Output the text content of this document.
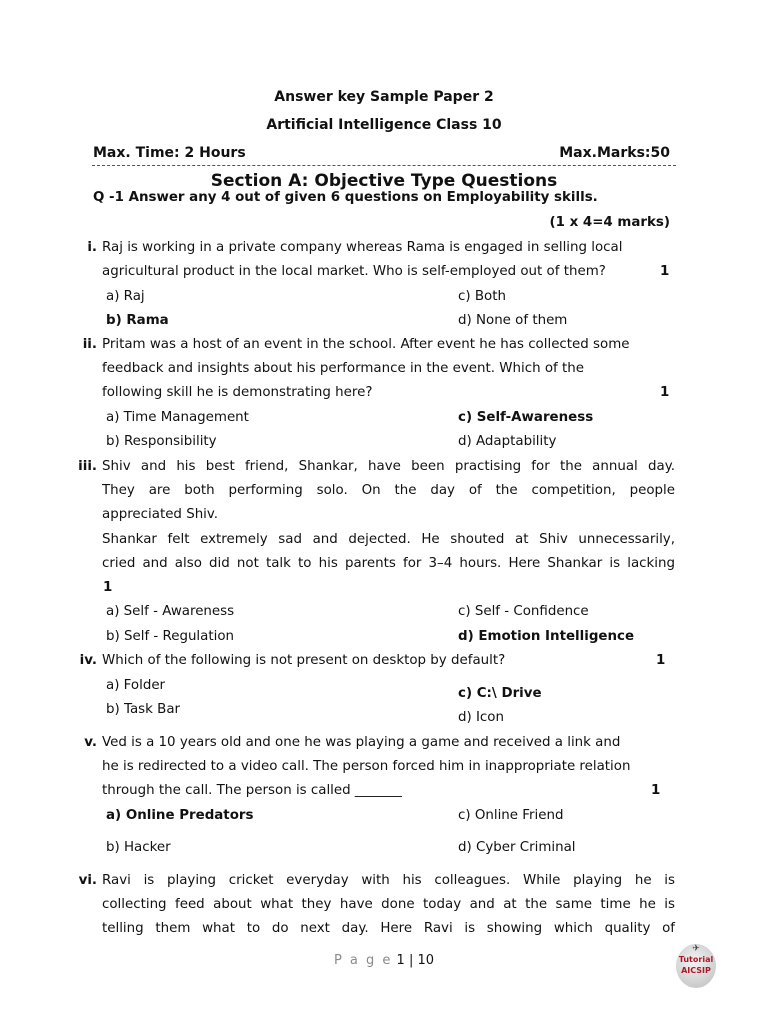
Answer key Sample Paper 2
Artificial Intelligence Class 10
Max. Time: 2 Hours	Max.Marks:50
Section A: Objective Type Questions
Q -1 Answer any 4 out of given 6 questions on Employability skills.
(1 x 4=4 marks)
i. Raj is working in a private company whereas Rama is engaged in selling local
agricultural product in the local market. Who is self-employed out of them?	1
a) Raj
b) Rama
c) Both
d) None of them
ii. Pritam was a host of an event in the school. After event he has collected some
feedback and insights about his performance in the event. Which of the
following skill he is demonstrating here?	1
a) Time Management
b) Responsibility
c) Self-Awareness
d) Adaptability
iii. Shiv and his best friend, Shankar, have been practising for the annual day.
They are both performing solo. On the day of the competition, people
appreciated Shiv.
Shankar felt extremely sad and dejected. He shouted at Shiv unnecessarily,
cried and also did not talk to his parents for 3–4 hours. Here Shankar is lacking
1
a) Self - Awareness
b) Self - Regulation
c) Self - Confidence
d) Emotion Intelligence
iv. Which of the following is not present on desktop by default?	1
a) Folder
b) Task Bar
c) C:\ Drive
d) Icon
v. Ved is a 10 years old and one he was playing a game and received a link and
he is redirected to a video call. The person forced him in inappropriate relation
through the call. The person is called _______	1
a) Online Predators
b) Hacker
c) Online Friend
d) Cyber Criminal
vi. Ravi is playing cricket everyday with his colleagues. While playing he is
collecting feed about what they have done today and at the same time he is
telling them what to do next day. Here Ravi is showing which quality of
P a g e 1 | 10
✈
Tutorial
AICSIP
